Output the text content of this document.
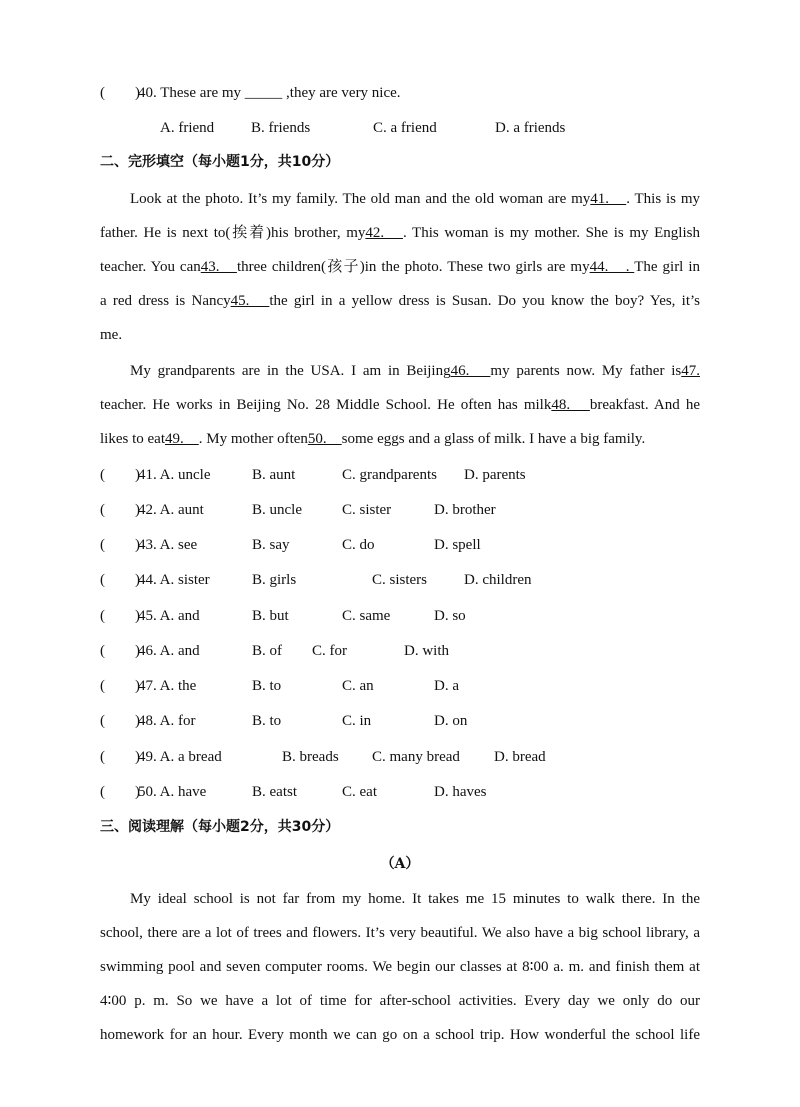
(　　)40. These are my _____ ,they are very nice.
A. friend B. friends	C. a friend	D. a friends
二、完形填空（每小题1分，共10分）
Look at the photo. It’s my family. The old man and the old woman are my41.　. This is my
father. He is next to(挨着)his brother, my42.　. This woman is my mother. She is my English
teacher. You can43.　three children(孩子)in the photo. These two girls are my44.　. The girl in
a red dress is Nancy45.　the girl in a yellow dress is Susan. Do you know the boy? Yes, it’s
me.
My grandparents are in the USA. I am in Beijing46.　my parents now. My father is47.
teacher. He works in Beijing No. 28 Middle School. He often has milk48.　breakfast. And he
likes to eat49.　. My mother often50.　some eggs and a glass of milk. I have a big family.
(　　)
41. A. uncle	B. aunt	C. grandparents D. parents
(　　)
42. A. aunt	B. uncle	C. sister	D. brother
(　　)
43. A. see	B. say	C. do	D. spell
(　　)
44. A. sister	B. girls	C. sisters D. children
(　　)
45. A. and	B. but	C. same	D. so
(　　)
46. A. and	B. of C. for	D. with
(　　)
47. A. the	B. to	C. an	D. a
(　　)
48. A. for	B. to	C. in	D. on
(　　)
49. A. a bread	B. breads C. many bread D. bread
(　　)
50. A. have	B. eatst	C. eat	D. haves
三、阅读理解（每小题2分，共30分）
（A）
My ideal school is not far from my home. It takes me 15 minutes to walk there. In the
school, there are a lot of trees and flowers. It’s very beautiful. We also have a big school library, a
swimming pool and seven computer rooms. We begin our classes at 8∶00 a. m. and finish them at
4∶00 p. m. So we have a lot of time for after-school activities. Every day we only do our
homework for an hour. Every month we can go on a school trip. How wonderful the school life
